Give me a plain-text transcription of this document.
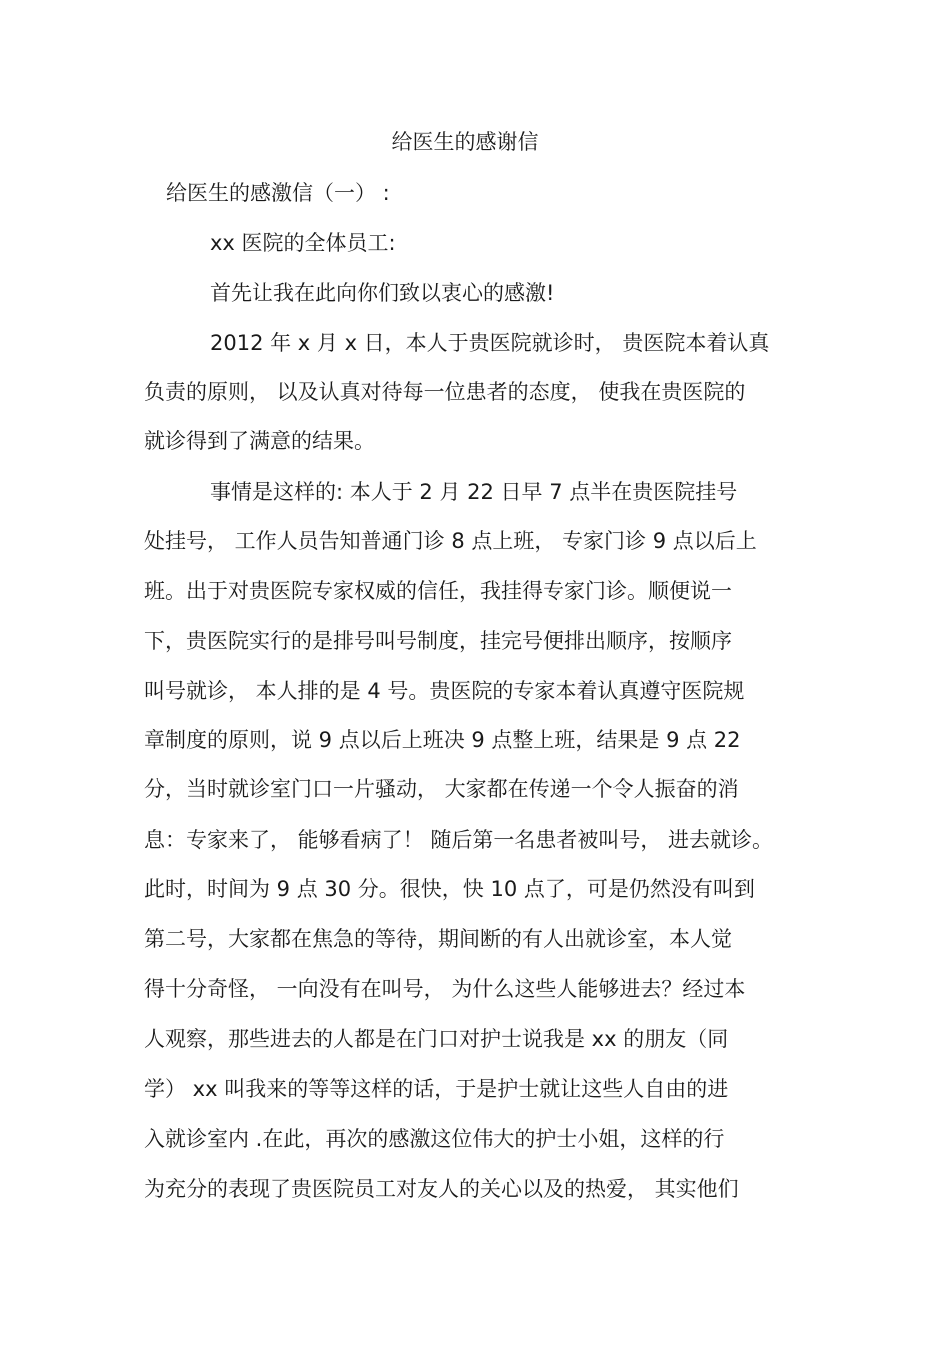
给医生的感谢信
给医生的感激信（一） :
xx 医院的全体员工:
首先让我在此向你们致以衷心的感激!
2012 年 x 月 x 日，本人于贵医院就诊时， 贵医院本着认真
负责的原则， 以及认真对待每一位患者的态度， 使我在贵医院的
就诊得到了满意的结果。
事情是这样的: 本人于 2 月 22 日早 7 点半在贵医院挂号
处挂号， 工作人员告知普通门诊 8 点上班， 专家门诊 9 点以后上
班。出于对贵医院专家权威的信任，我挂得专家门诊。顺便说一
下，贵医院实行的是排号叫号制度，挂完号便排出顺序，按顺序
叫号就诊， 本人排的是 4 号。贵医院的专家本着认真遵守医院规
章制度的原则，说 9 点以后上班决 9 点整上班，结果是 9 点 22
分，当时就诊室门口一片骚动， 大家都在传递一个令人振奋的消
息：专家来了， 能够看病了！ 随后第一名患者被叫号， 进去就诊。
此时，时间为 9 点 30 分。很快，快 10 点了，可是仍然没有叫到
第二号，大家都在焦急的等待，期间断的有人出就诊室，本人觉
得十分奇怪， 一向没有在叫号， 为什么这些人能够进去？经过本
人观察，那些进去的人都是在门口对护士说我是 xx 的朋友（同
学） xx 叫我来的等等这样的话，于是护士就让这些人自由的进
入就诊室内 .在此，再次的感激这位伟大的护士小姐，这样的行
为充分的表现了贵医院员工对友人的关心以及的热爱， 其实他们
